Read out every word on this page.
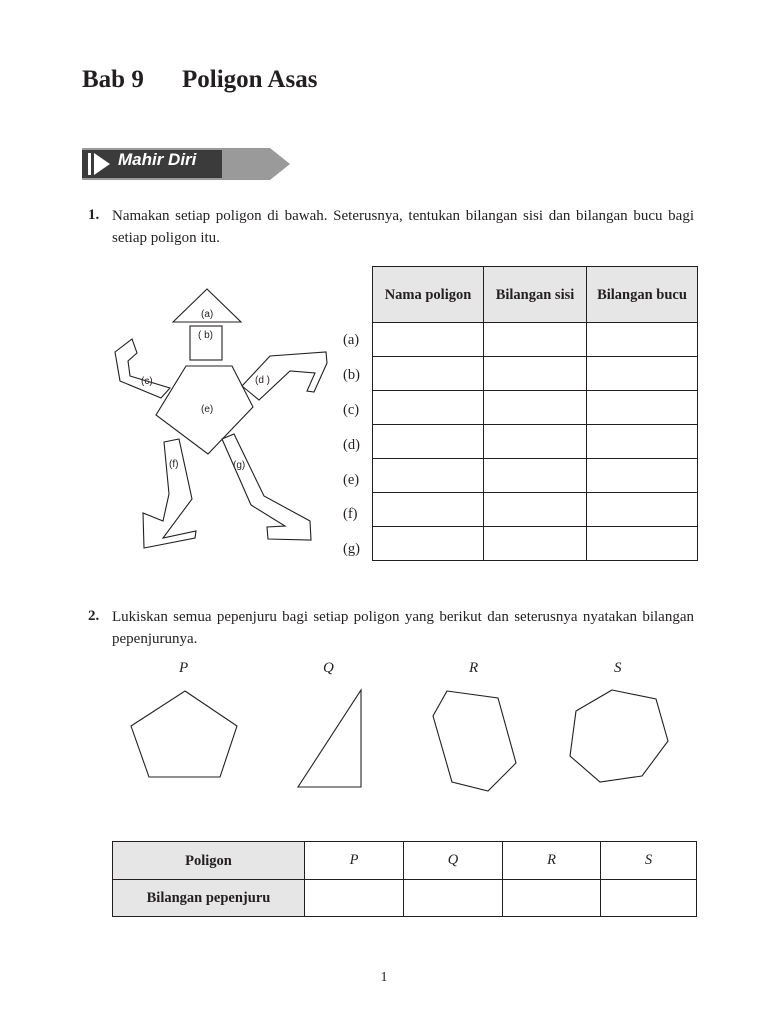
Bab 9 Poligon Asas
Mahir Diri
1. Namakan setiap poligon di bawah. Seterusnya, tentukan bilangan sisi dan bilangan bucu bagi setiap poligon itu.
(a)
( b)
(c)	(d )
(e)
(f)	(g)
(a)
(b)
(c)
(d)
(e)
(f)
(g)
Nama poligon	Bilangan sisi	Bilangan bucu

2. Lukiskan semua pepenjuru bagi setiap poligon yang berikut dan seterusnya nyatakan bilangan pepenjurunya.
P	Q	R	S
Poligon	P	Q	R	S
Bilangan pepenjuru				
1
